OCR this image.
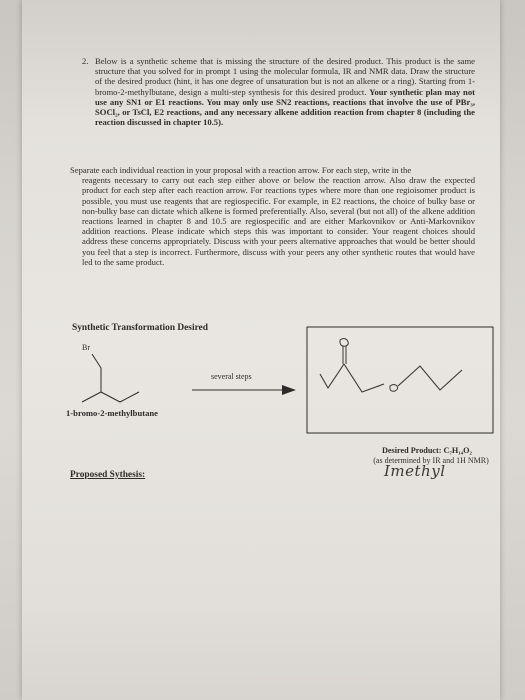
2. Below is a synthetic scheme that is missing the structure of the desired product. This product is the same structure that you solved for in prompt 1 using the molecular formula, IR and NMR data. Draw the structure of the desired product (hint, it has one degree of unsaturation but is not an alkene or a ring). Starting from 1-bromo-2-methylbutane, design a multi-step synthesis for this desired product. Your synthetic plan may not use any SN1 or E1 reactions. You may only use SN2 reactions, reactions that involve the use of PBr₃, SOCl₂, or TsCl, E2 reactions, and any necessary alkene addition reaction from chapter 8 (including the reaction discussed in chapter 10.5).
Separate each individual reaction in your proposal with a reaction arrow. For each step, write in the
reagents necessary to carry out each step either above or below the reaction arrow. Also draw the expected product for each step after each reaction arrow. For reactions types where more than one regioisomer product is possible, you must use reagents that are regiospecific. For example, in E2 reactions, the choice of bulky base or non-bulky base can dictate which alkene is formed preferentially. Also, several (but not all) of the alkene addition reactions learned in chapter 8 and 10.5 are regiospecific and are either Markovnikov or Anti-Markovnikov addition reactions. Please indicate which steps this was important to consider. Your reagent choices should address these concerns appropriately. Discuss with your peers alternative approaches that would be better should you feel that a step is incorrect. Furthermore, discuss with your peers any other synthetic routes that would have led to the same product.
Synthetic Transformation Desired
Br
1-bromo-2-methylbutane
several steps
Desired Product: C₇H₁₄O₂
(as determined by IR and 1H NMR)
Imethyl
Proposed Sythesis:
